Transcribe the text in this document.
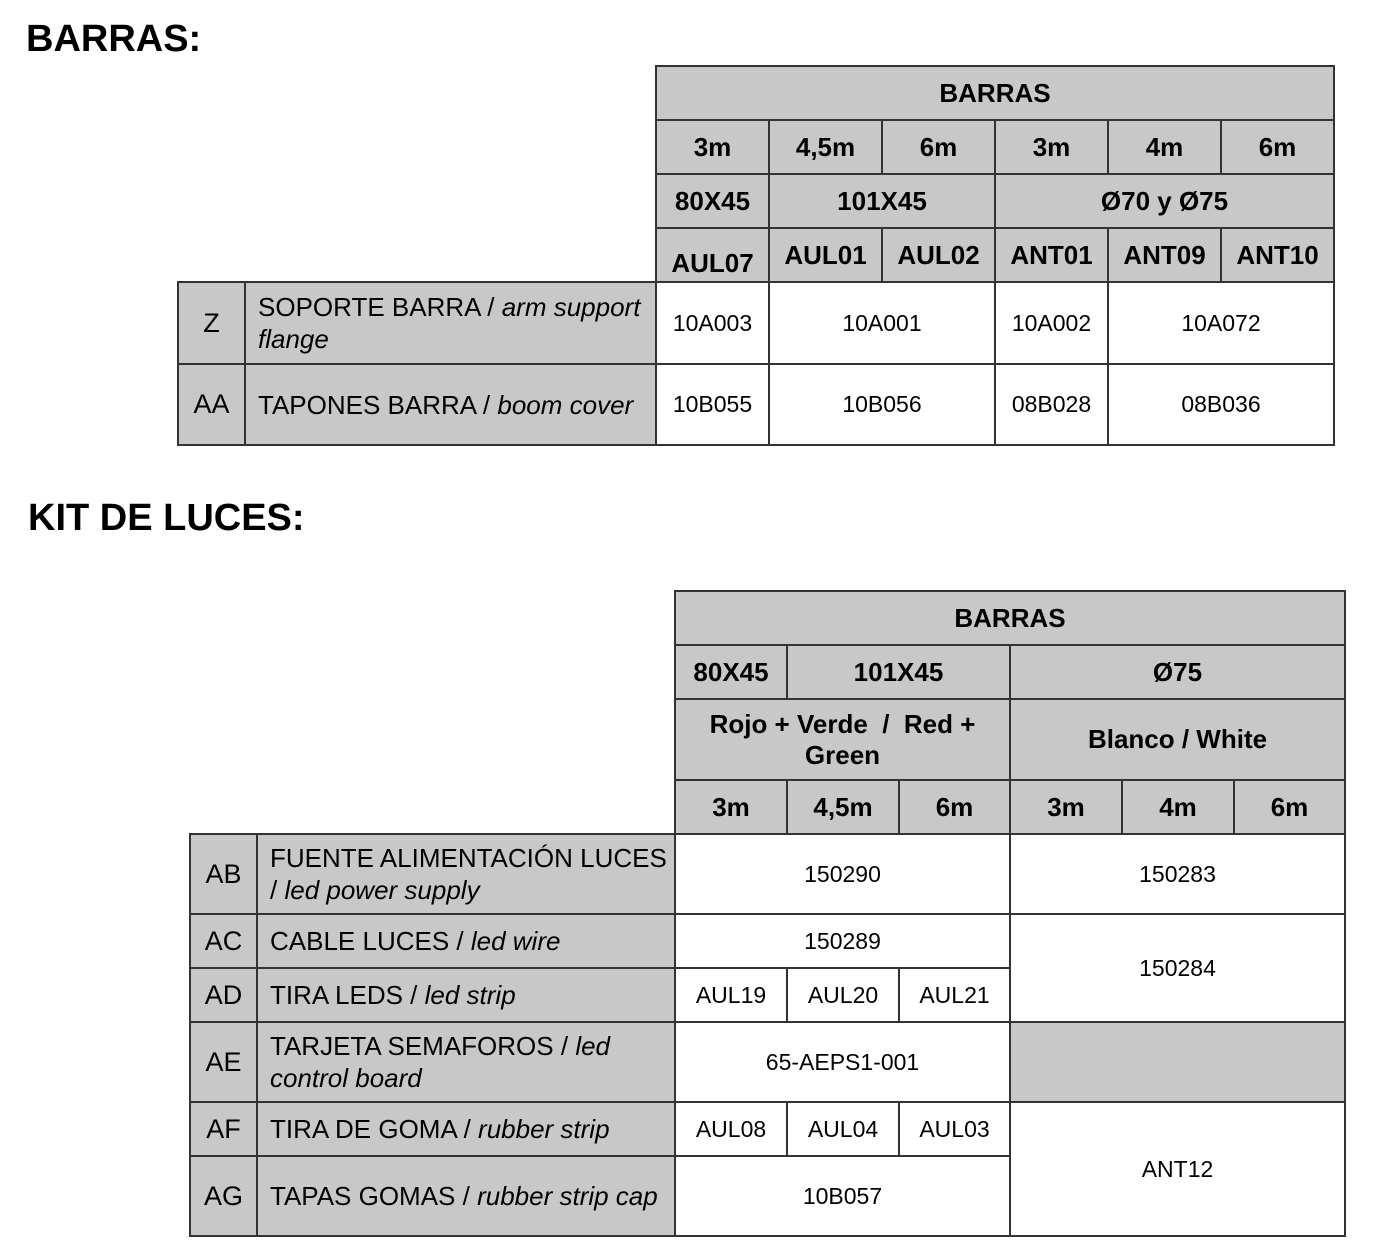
BARRAS:
		BARRAS					
		3m	4,5m	6m	3m	4m	6m
		80X45	101X45		Ø70 y Ø75		
		AUL07	AUL01	AUL02	ANT01	ANT09	ANT10
Z	SOPORTE BARRA / arm support flange	10A003	10A001		10A002	10A072	
AA	TAPONES BARRA / boom cover	10B055	10B056		08B028	08B036	
KIT DE LUCES:
		BARRAS					
		80X45	101X45		Ø75		
		Rojo + Verde  /  Red + Green			Blanco / White		
		3m	4,5m	6m	3m	4m	6m
AB	FUENTE ALIMENTACIÓN LUCES / led power supply	150290			150283		
AC	CABLE LUCES / led wire	150289			150284		
AD	TIRA LEDS / led strip	AUL19	AUL20	AUL21			
AE	TARJETA SEMAFOROS / led control board	65-AEPS1-001					
AF	TIRA DE GOMA / rubber strip	AUL08	AUL04	AUL03	ANT12		
AG	TAPAS GOMAS / rubber strip cap	10B057					
